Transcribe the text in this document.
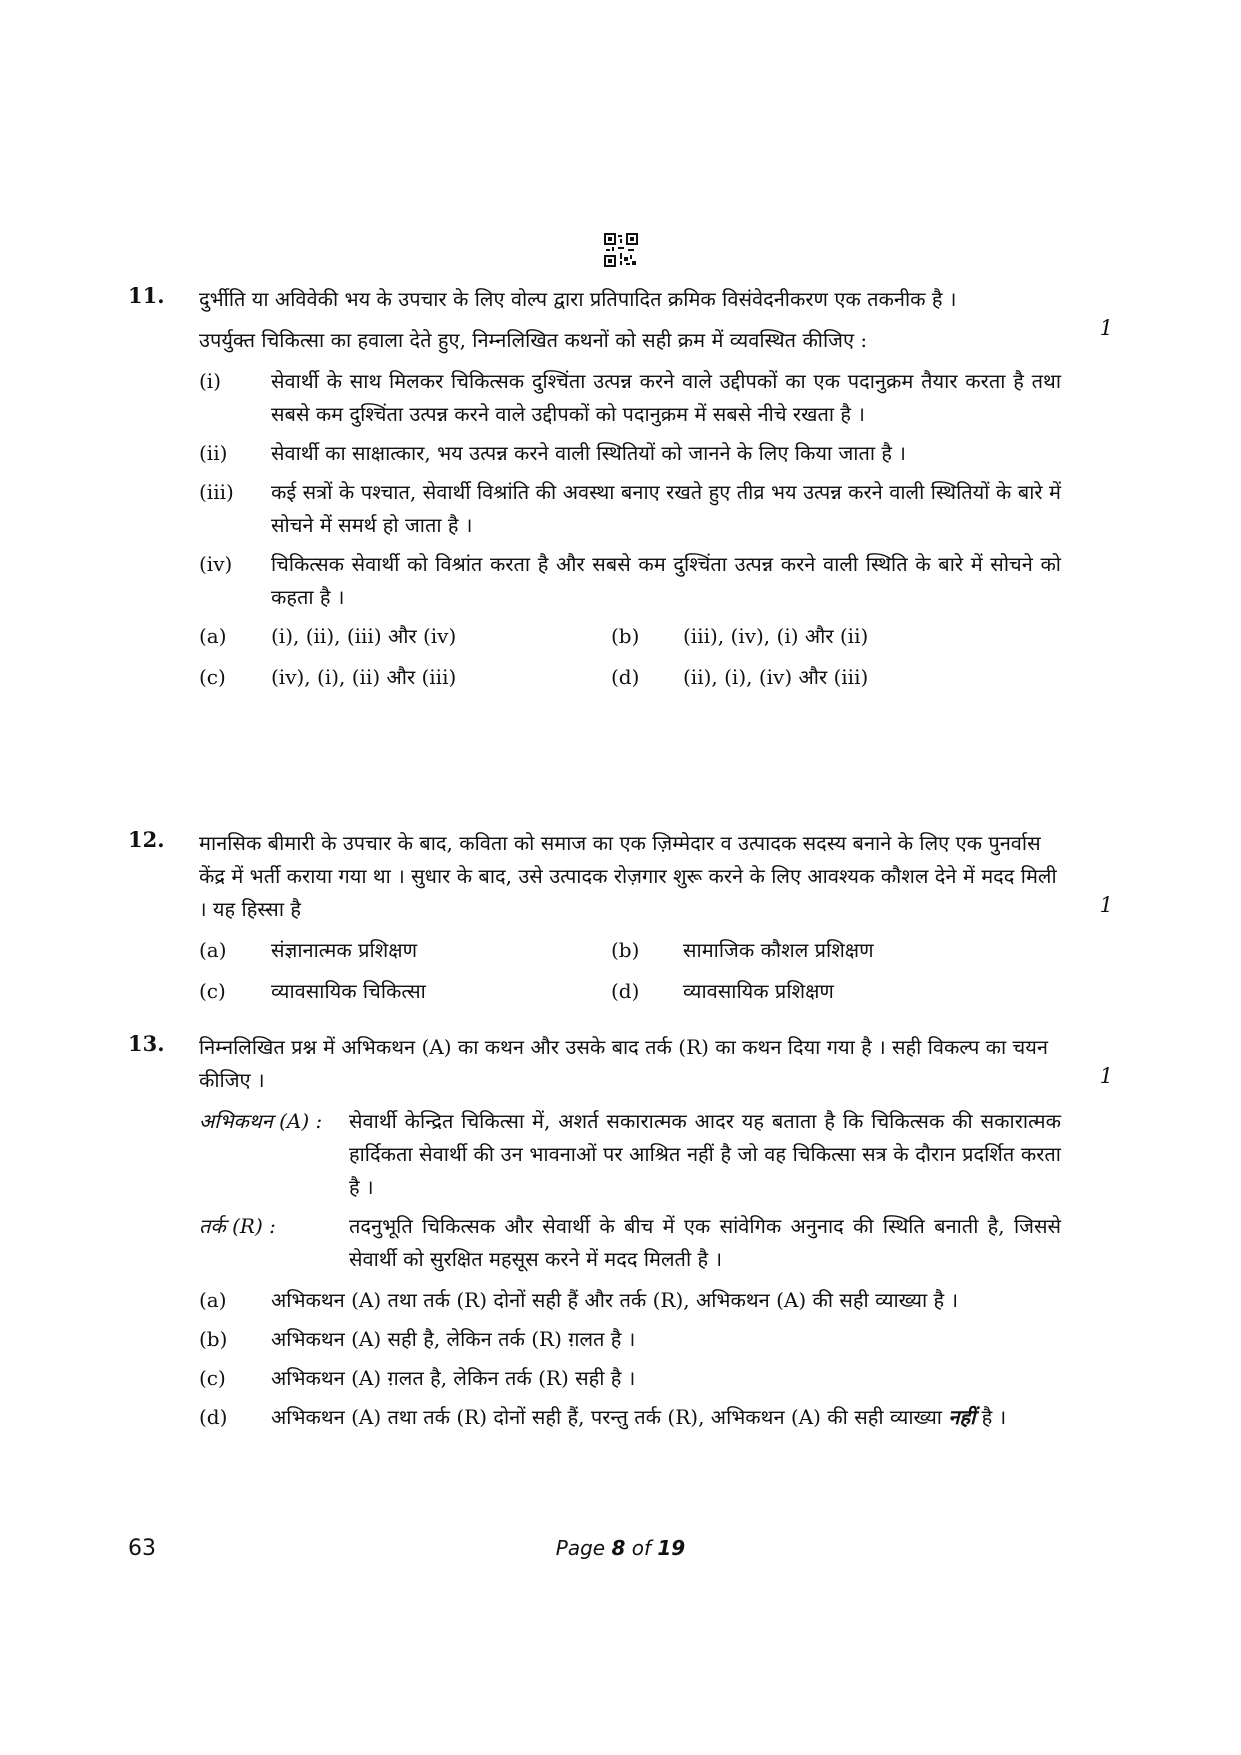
11.
1

दुर्भीति या अविवेकी भय के उपचार के लिए वोल्प द्वारा प्रतिपादित क्रमिक विसंवेदनीकरण एक तकनीक है ।

उपर्युक्त चिकित्सा का हवाला देते हुए, निम्नलिखित कथनों को सही क्रम में व्यवस्थित कीजिए :

(i)	सेवार्थी के साथ मिलकर चिकित्सक दुश्चिंता उत्पन्न करने वाले उद्दीपकों का एक पदानुक्रम तैयार करता है तथा सबसे कम दुश्चिंता उत्पन्न करने वाले उद्दीपकों को पदानुक्रम में सबसे नीचे रखता है ।
(ii)	सेवार्थी का साक्षात्कार, भय उत्पन्न करने वाली स्थितियों को जानने के लिए किया जाता है ।
(iii)	कई सत्रों के पश्चात, सेवार्थी विश्रांति की अवस्था बनाए रखते हुए तीव्र भय उत्पन्न करने वाली स्थितियों के बारे में सोचने में समर्थ हो जाता है ।
(iv)	चिकित्सक सेवार्थी को विश्रांत करता है और सबसे कम दुश्चिंता उत्पन्न करने वाली स्थिति के बारे में सोचने को कहता है ।
(a)	(i), (ii), (iii) और (iv)	(b)	(iii), (iv), (i) और (ii)
(c)	(iv), (i), (ii) और (iii)	(d)	(ii), (i), (iv) और (iii)
12.
1

मानसिक बीमारी के उपचार के बाद, कविता को समाज का एक ज़िम्मेदार व उत्पादक सदस्य बनाने के लिए एक पुनर्वास केंद्र में भर्ती कराया गया था । सुधार के बाद, उसे उत्पादक रोज़गार शुरू करने के लिए आवश्यक कौशल देने में मदद मिली । यह हिस्सा है

(a)	संज्ञानात्मक प्रशिक्षण	(b)	सामाजिक कौशल प्रशिक्षण
(c)	व्यावसायिक चिकित्सा	(d)	व्यावसायिक प्रशिक्षण
13.
1

निम्नलिखित प्रश्न में अभिकथन (A) का कथन और उसके बाद तर्क (R) का कथन दिया गया है । सही विकल्प का चयन कीजिए ।

अभिकथन (A) :	सेवार्थी केन्द्रित चिकित्सा में, अशर्त सकारात्मक आदर यह बताता है कि चिकित्सक की सकारात्मक हार्दिकता सेवार्थी की उन भावनाओं पर आश्रित नहीं है जो वह चिकित्सा सत्र के दौरान प्रदर्शित करता है ।
तर्क (R) :	तदनुभूति चिकित्सक और सेवार्थी के बीच में एक सांवेगिक अनुनाद की स्थिति बनाती है, जिससे सेवार्थी को सुरक्षित महसूस करने में मदद मिलती है ।
(a)	अभिकथन (A) तथा तर्क (R) दोनों सही हैं और तर्क (R), अभिकथन (A) की सही व्याख्या है ।
(b)	अभिकथन (A) सही है, लेकिन तर्क (R) ग़लत है ।
(c)	अभिकथन (A) ग़लत है, लेकिन तर्क (R) सही है ।
(d)	अभिकथन (A) तथा तर्क (R) दोनों सही हैं, परन्तु तर्क (R), अभिकथन (A) की सही व्याख्या नहीं है ।
63	Page 8 of 19
